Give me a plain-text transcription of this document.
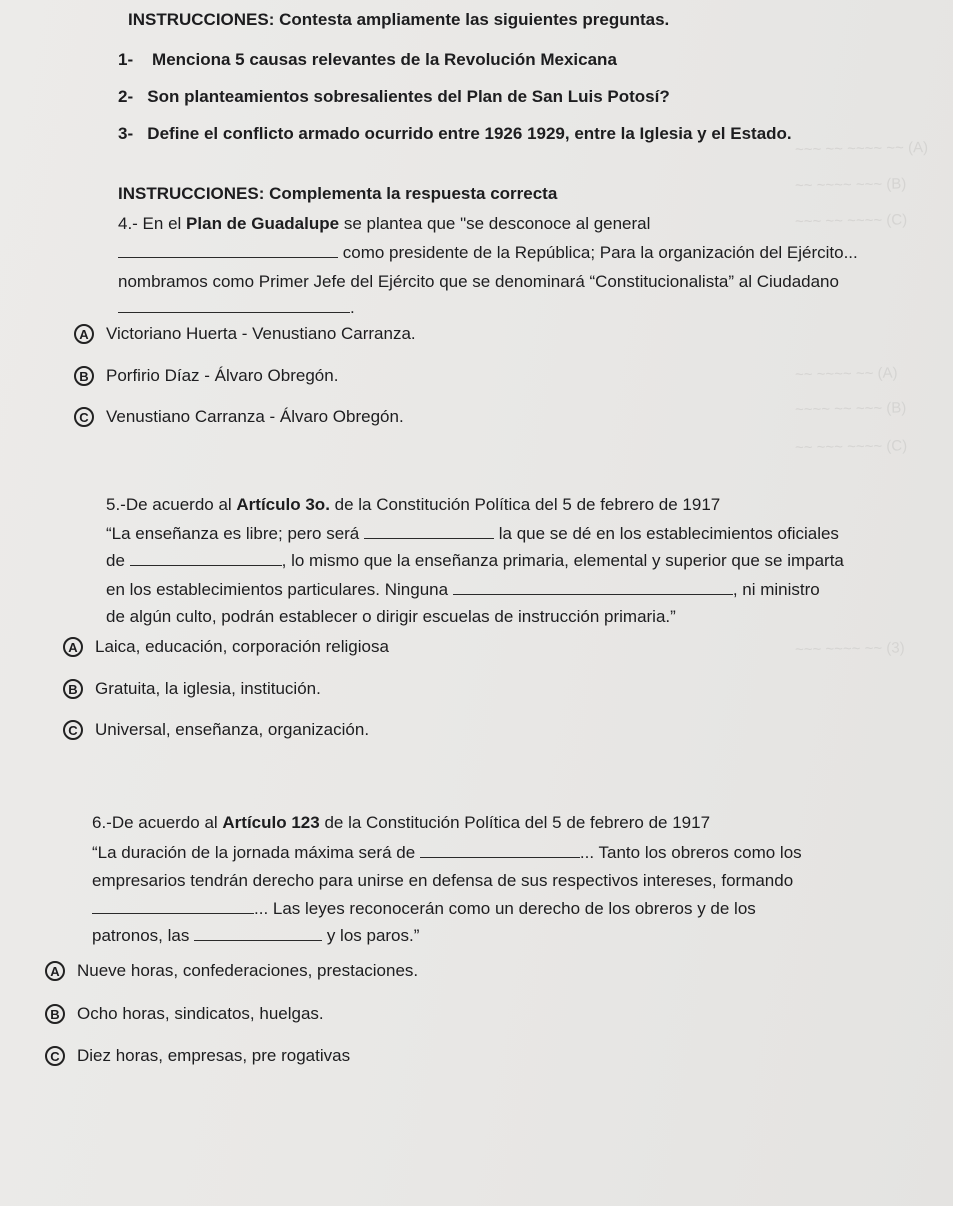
~~~ ~~ ~~~~ ~~ (A)
~~ ~~~~ ~~~ (B)
~~~ ~~ ~~~~ (C)
~~ ~~~~ ~~ (A)
~~~~ ~~ ~~~ (B)
~~ ~~~ ~~~~ (C)
~~~ ~~~~ ~~ (3)
INSTRUCCIONES: Contesta ampliamente las siguientes preguntas.
1- Menciona 5 causas relevantes de la Revolución Mexicana
2- Son planteamientos sobresalientes del Plan de San Luis Potosí?
3- Define el conflicto armado ocurrido entre 1926 1929, entre la Iglesia y el Estado.
INSTRUCCIONES: Complementa la respuesta correcta
4.- En el Plan de Guadalupe se plantea que "se desconoce al general
como presidente de la República; Para la organización del Ejército...
nombramos como Primer Jefe del Ejército que se denominará “Constitucionalista” al Ciudadano
.
A	Victoriano Huerta - Venustiano Carranza.
B	Porfirio Díaz - Álvaro Obregón.
C	Venustiano Carranza - Álvaro Obregón.
5.-De acuerdo al Artículo 3o. de la Constitución Política del 5 de febrero de 1917
“La enseñanza es libre; pero será	la que se dé en los establecimientos oficiales
de	, lo mismo que la enseñanza primaria, elemental y superior que se imparta
en los establecimientos particulares. Ninguna	, ni ministro
de algún culto, podrán establecer o dirigir escuelas de instrucción primaria.”
A	Laica, educación, corporación religiosa
B	Gratuita, la iglesia, institución.
C	Universal, enseñanza, organización.
6.-De acuerdo al Artículo 123 de la Constitución Política del 5 de febrero de 1917
“La duración de la jornada máxima será de	... Tanto los obreros como los
empresarios tendrán derecho para unirse en defensa de sus respectivos intereses, formando
... Las leyes reconocerán como un derecho de los obreros y de los
patronos, las	y los paros.”
A	Nueve horas, confederaciones, prestaciones.
B	Ocho horas, sindicatos, huelgas.
C	Diez horas, empresas, pre rogativas
